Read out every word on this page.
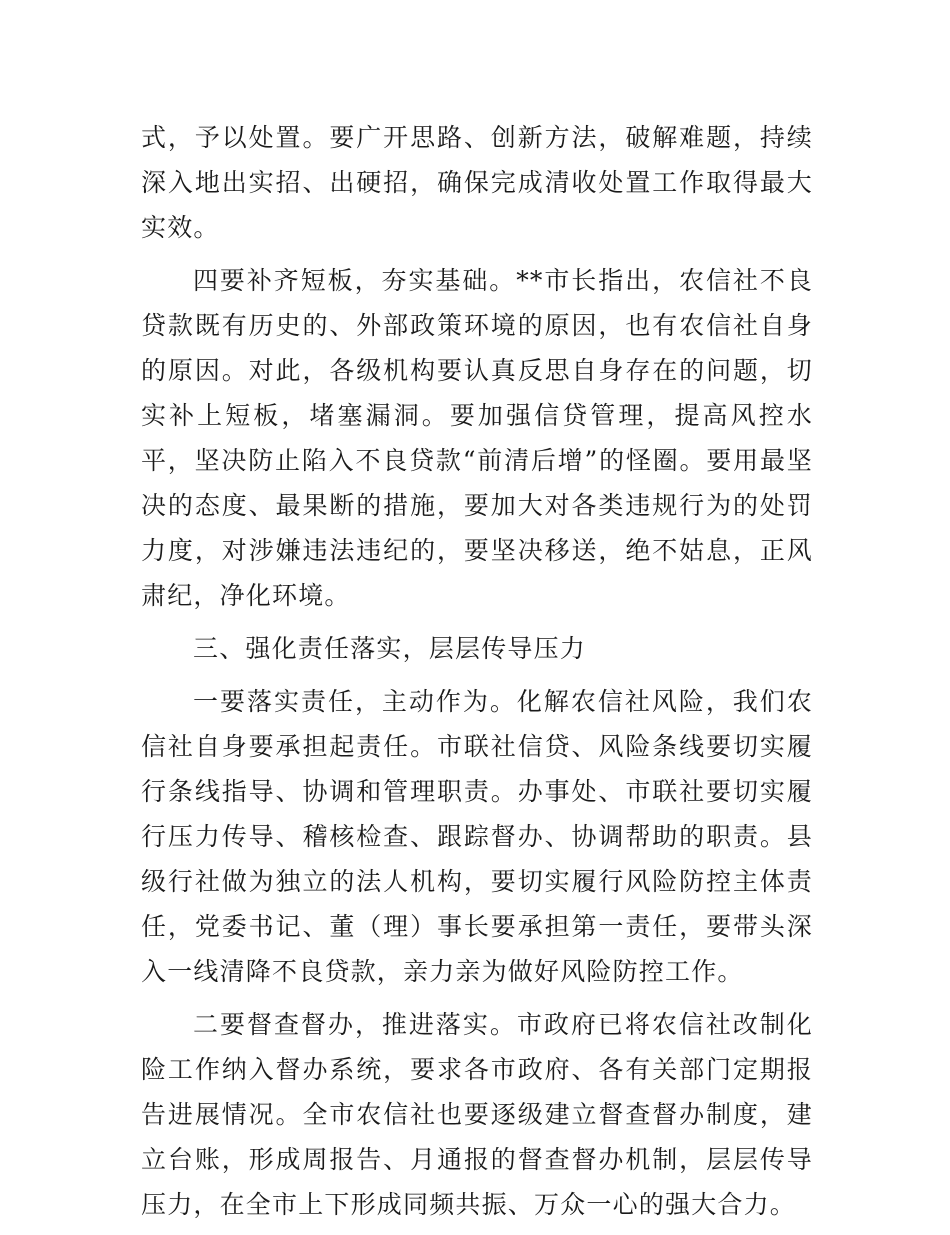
式，予以处置。要广开思路、创新方法，破解难题，持续深入地出实招、出硬招，确保完成清收处置工作取得最大实效。

四要补齐短板，夯实基础。**市长指出，农信社不良贷款既有历史的、外部政策环境的原因，也有农信社自身的原因。对此，各级机构要认真反思自身存在的问题，切实补上短板，堵塞漏洞。要加强信贷管理，提高风控水平，坚决防止陷入不良贷款“前清后增”的怪圈。要用最坚决的态度、最果断的措施，要加大对各类违规行为的处罚力度，对涉嫌违法违纪的，要坚决移送，绝不姑息，正风肃纪，净化环境。

三、强化责任落实，层层传导压力

一要落实责任，主动作为。化解农信社风险，我们农信社自身要承担起责任。市联社信贷、风险条线要切实履行条线指导、协调和管理职责。办事处、市联社要切实履行压力传导、稽核检查、跟踪督办、协调帮助的职责。县级行社做为独立的法人机构，要切实履行风险防控主体责任，党委书记、董（理）事长要承担第一责任，要带头深入一线清降不良贷款，亲力亲为做好风险防控工作。

二要督查督办，推进落实。市政府已将农信社改制化险工作纳入督办系统，要求各市政府、各有关部门定期报告进展情况。全市农信社也要逐级建立督查督办制度，建立台账，形成周报告、月通报的督查督办机制，层层传导压力，在全市上下形成同频共振、万众一心的强大合力。
